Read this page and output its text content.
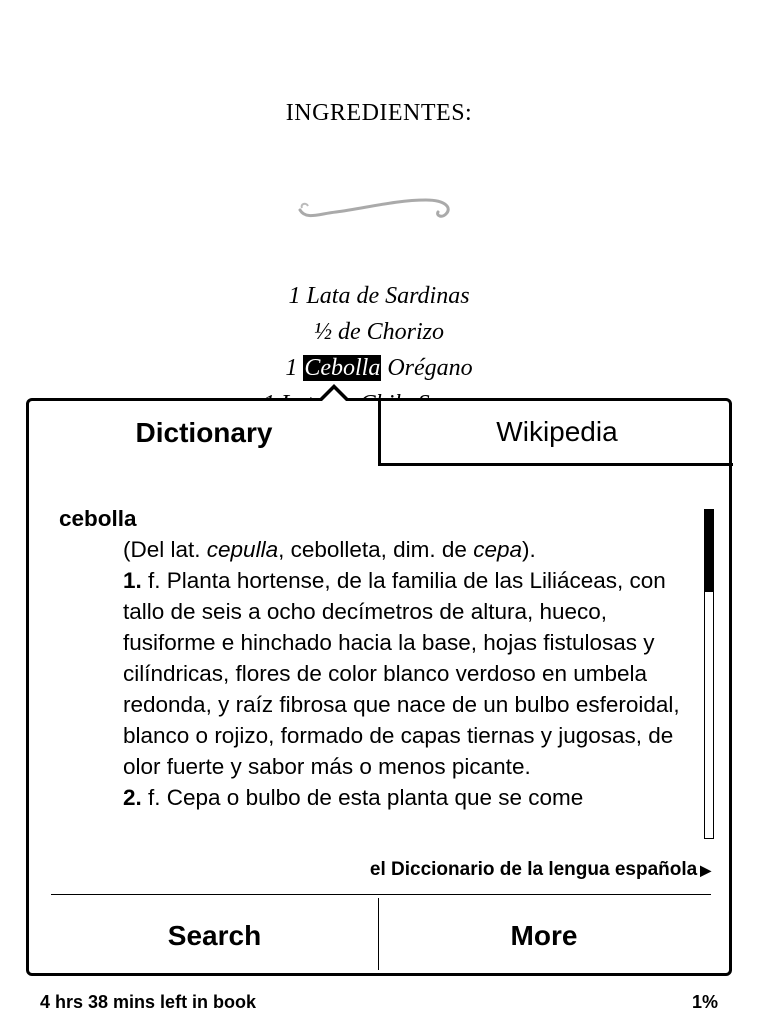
INGREDIENTES:
1 Lata de Sardinas
½ de Chorizo
1 Cebolla Orégano
Dictionary	Wikipedia
cebolla
(Del lat. cepulla, cebolleta, dim. de cepa).
1. f. Planta hortense, de la familia de las Liliáceas, con tallo de seis a ocho decímetros de altura, hueco, fusiforme e hinchado hacia la base, hojas fistulosas y cilíndricas, flores de color blanco verdoso en umbela redonda, y raíz fibrosa que nace de un bulbo esferoidal, blanco o rojizo, formado de capas tiernas y jugosas, de olor fuerte y sabor más o menos picante.
2. f. Cepa o bulbo de esta planta que se come
el Diccionario de la lengua española ▶
Search	More
4 hrs 38 mins left in book	1%
